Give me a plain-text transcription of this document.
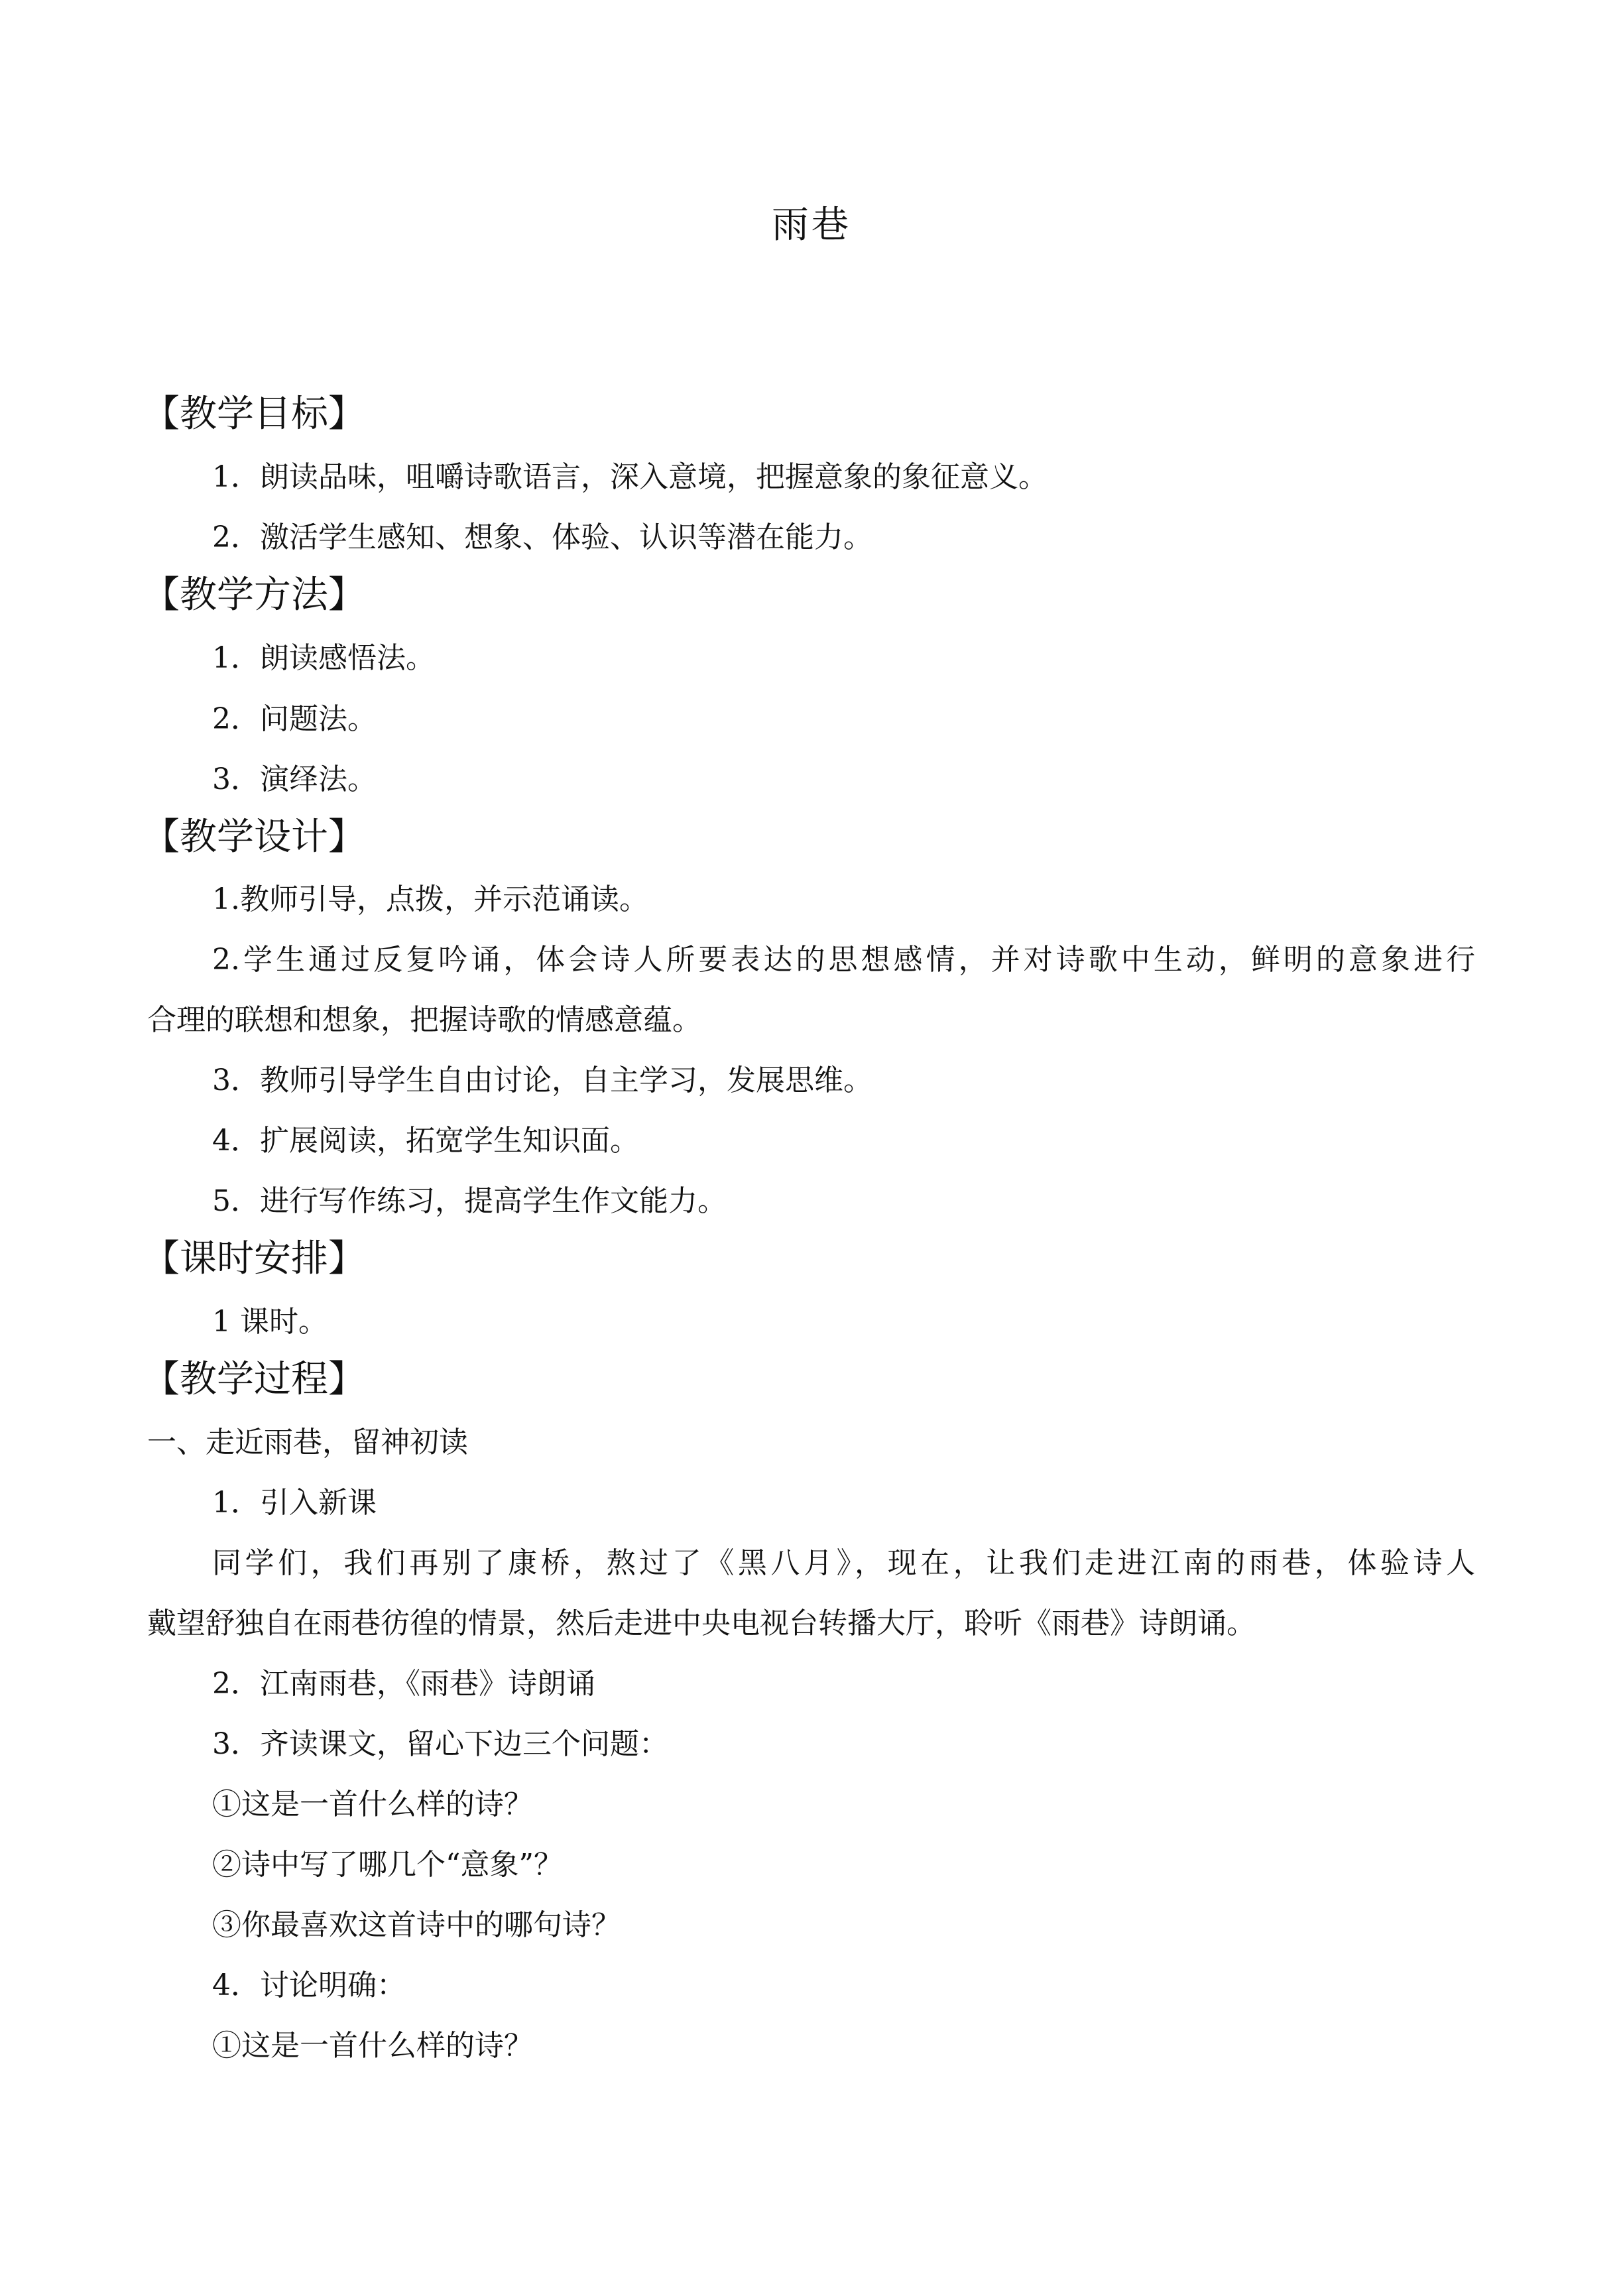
雨巷
【教学目标】
1．朗读品味，咀嚼诗歌语言，深入意境，把握意象的象征意义。
2．激活学生感知、想象、体验、认识等潜在能力。
【教学方法】
1．朗读感悟法。
2．问题法。
3．演绎法。
【教学设计】
1.教师引导，点拨，并示范诵读。
2.学生通过反复吟诵，体会诗人所要表达的思想感情，并对诗歌中生动，鲜明的意象进行
合理的联想和想象，把握诗歌的情感意蕴。
3．教师引导学生自由讨论，自主学习，发展思维。
4．扩展阅读，拓宽学生知识面。
5．进行写作练习，提高学生作文能力。
【课时安排】
1 课时。
【教学过程】
一、走近雨巷，留神初读
1．引入新课
同学们，我们再别了康桥，熬过了《黑八月》，现在，让我们走进江南的雨巷，体验诗人
戴望舒独自在雨巷彷徨的情景，然后走进中央电视台转播大厅，聆听《雨巷》诗朗诵。
2．江南雨巷，《雨巷》诗朗诵
3．齐读课文，留心下边三个问题：
①这是一首什么样的诗？
②诗中写了哪几个“意象”？
③你最喜欢这首诗中的哪句诗？
4．讨论明确：
①这是一首什么样的诗？
